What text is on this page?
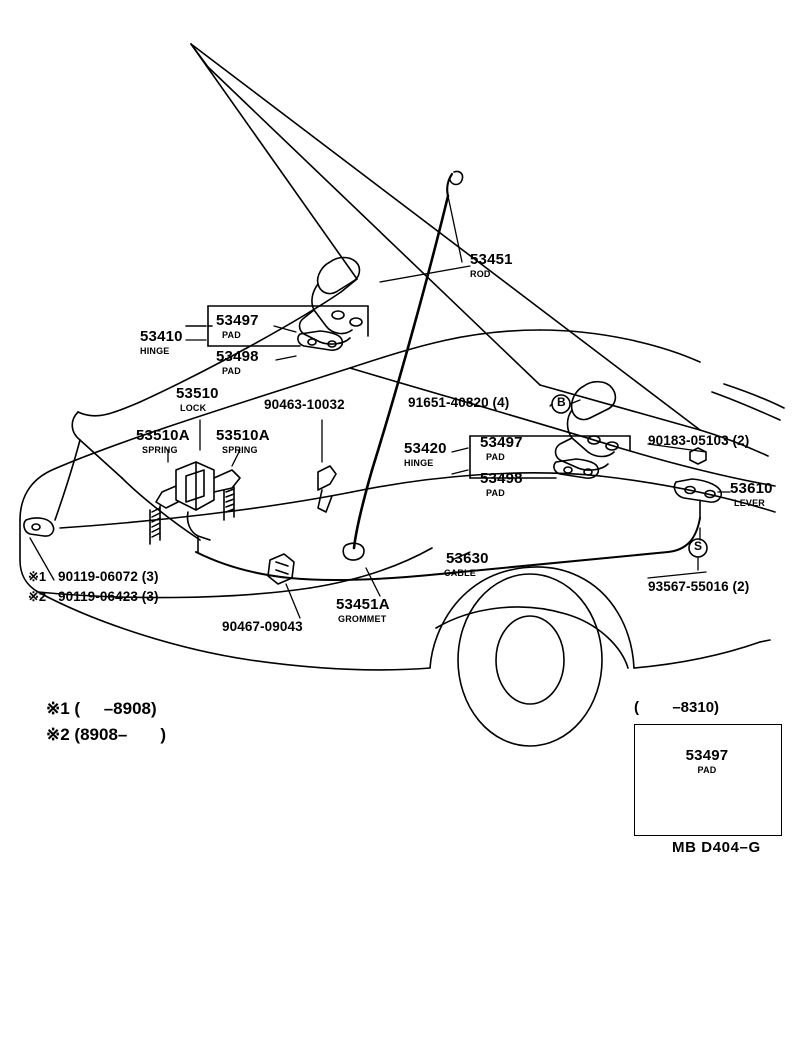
53451
ROD
53497
PAD
53410
HINGE	53498
PAD
53510
LOCK
53510A
SPRING
53510A
SPRING	53420
HINGE
53497
PAD
53498
PAD	53610
LEVER
53630
CABLE
53451A
GROMMET
90463-10032	91651-40820 (4)
90183-05103 (2)
93567-55016 (2)
90467-09043
※1 90119-06072 (3)
※2 90119-06423 (3)
※1 (     –8908)
※2 (8908–       )
B
S
(        –8310)
53497
PAD
MB D404–G
